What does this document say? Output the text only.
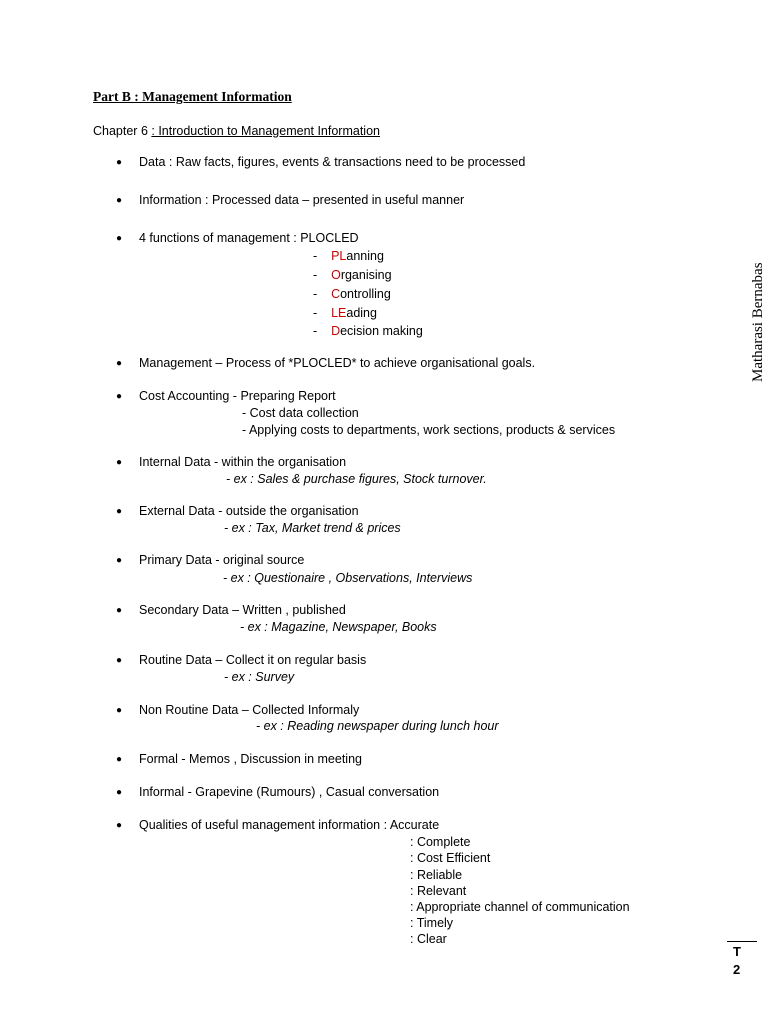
Part B : Management Information
Chapter 6 : Introduction to Management Information
● Data : Raw facts, figures, events & transactions need to be processed
● Information : Processed data – presented in useful manner
● 4 functions of management : PLOCLED
- PLanning
- Organising
- Controlling
- LEading
- Decision making
● Management – Process of *PLOCLED* to achieve organisational goals.
● Cost Accounting - Preparing Report
- Cost data collection
- Applying costs to departments, work sections, products & services
● Internal Data - within the organisation
- ex : Sales & purchase figures, Stock turnover.
● External Data - outside the organisation
- ex : Tax, Market trend & prices
● Primary Data - original source
- ex : Questionaire , Observations, Interviews
● Secondary Data – Written , published
- ex : Magazine, Newspaper, Books
● Routine Data – Collect it on regular basis
- ex : Survey
● Non Routine Data – Collected Informaly
- ex : Reading newspaper during lunch hour
● Formal - Memos , Discussion in meeting
● Informal - Grapevine (Rumours) , Casual conversation
● Qualities of useful management information : Accurate
: Complete
: Cost Efficient
: Reliable
: Relevant
: Appropriate channel of communication
: Timely
: Clear
Matharasi Bernabas
T
2
